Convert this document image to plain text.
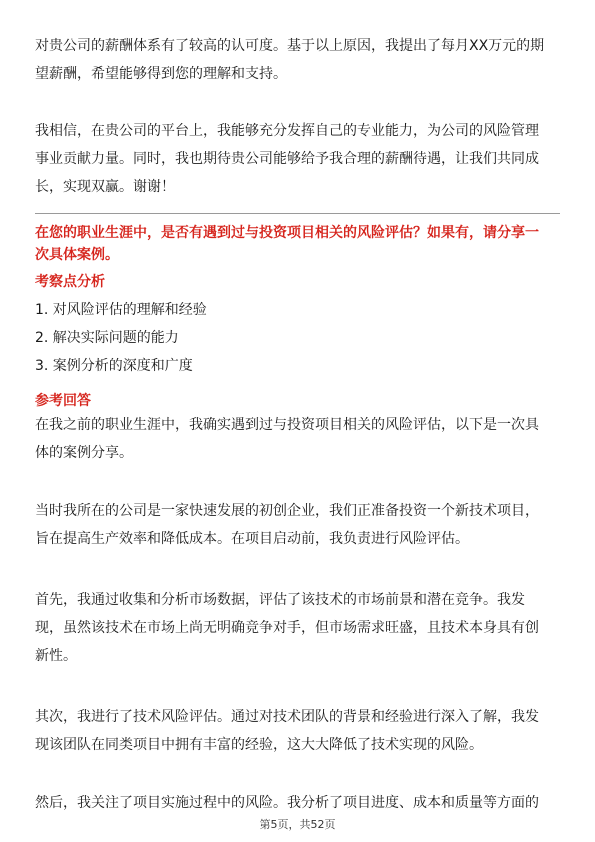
对贵公司的薪酬体系有了较高的认可度。基于以上原因，我提出了每月XX万元的期
望薪酬，希望能够得到您的理解和支持。

我相信，在贵公司的平台上，我能够充分发挥自己的专业能力，为公司的风险管理
事业贡献力量。同时，我也期待贵公司能够给予我合理的薪酬待遇，让我们共同成
长，实现双赢。谢谢！

在您的职业生涯中，是否有遇到过与投资项目相关的风险评估？如果有，请分享一
次具体案例。
考察点分析
1. 对风险评估的理解和经验
2. 解决实际问题的能力
3. 案例分析的深度和广度
参考回答

在我之前的职业生涯中，我确实遇到过与投资项目相关的风险评估，以下是一次具
体的案例分享。

当时我所在的公司是一家快速发展的初创企业，我们正准备投资一个新技术项目，
旨在提高生产效率和降低成本。在项目启动前，我负责进行风险评估。

首先，我通过收集和分析市场数据，评估了该技术的市场前景和潜在竞争。我发
现，虽然该技术在市场上尚无明确竞争对手，但市场需求旺盛，且技术本身具有创
新性。

其次，我进行了技术风险评估。通过对技术团队的背景和经验进行深入了解，我发
现该团队在同类项目中拥有丰富的经验，这大大降低了技术实现的风险。

然后，我关注了项目实施过程中的风险。我分析了项目进度、成本和质量等方面的

第5页，共52页
